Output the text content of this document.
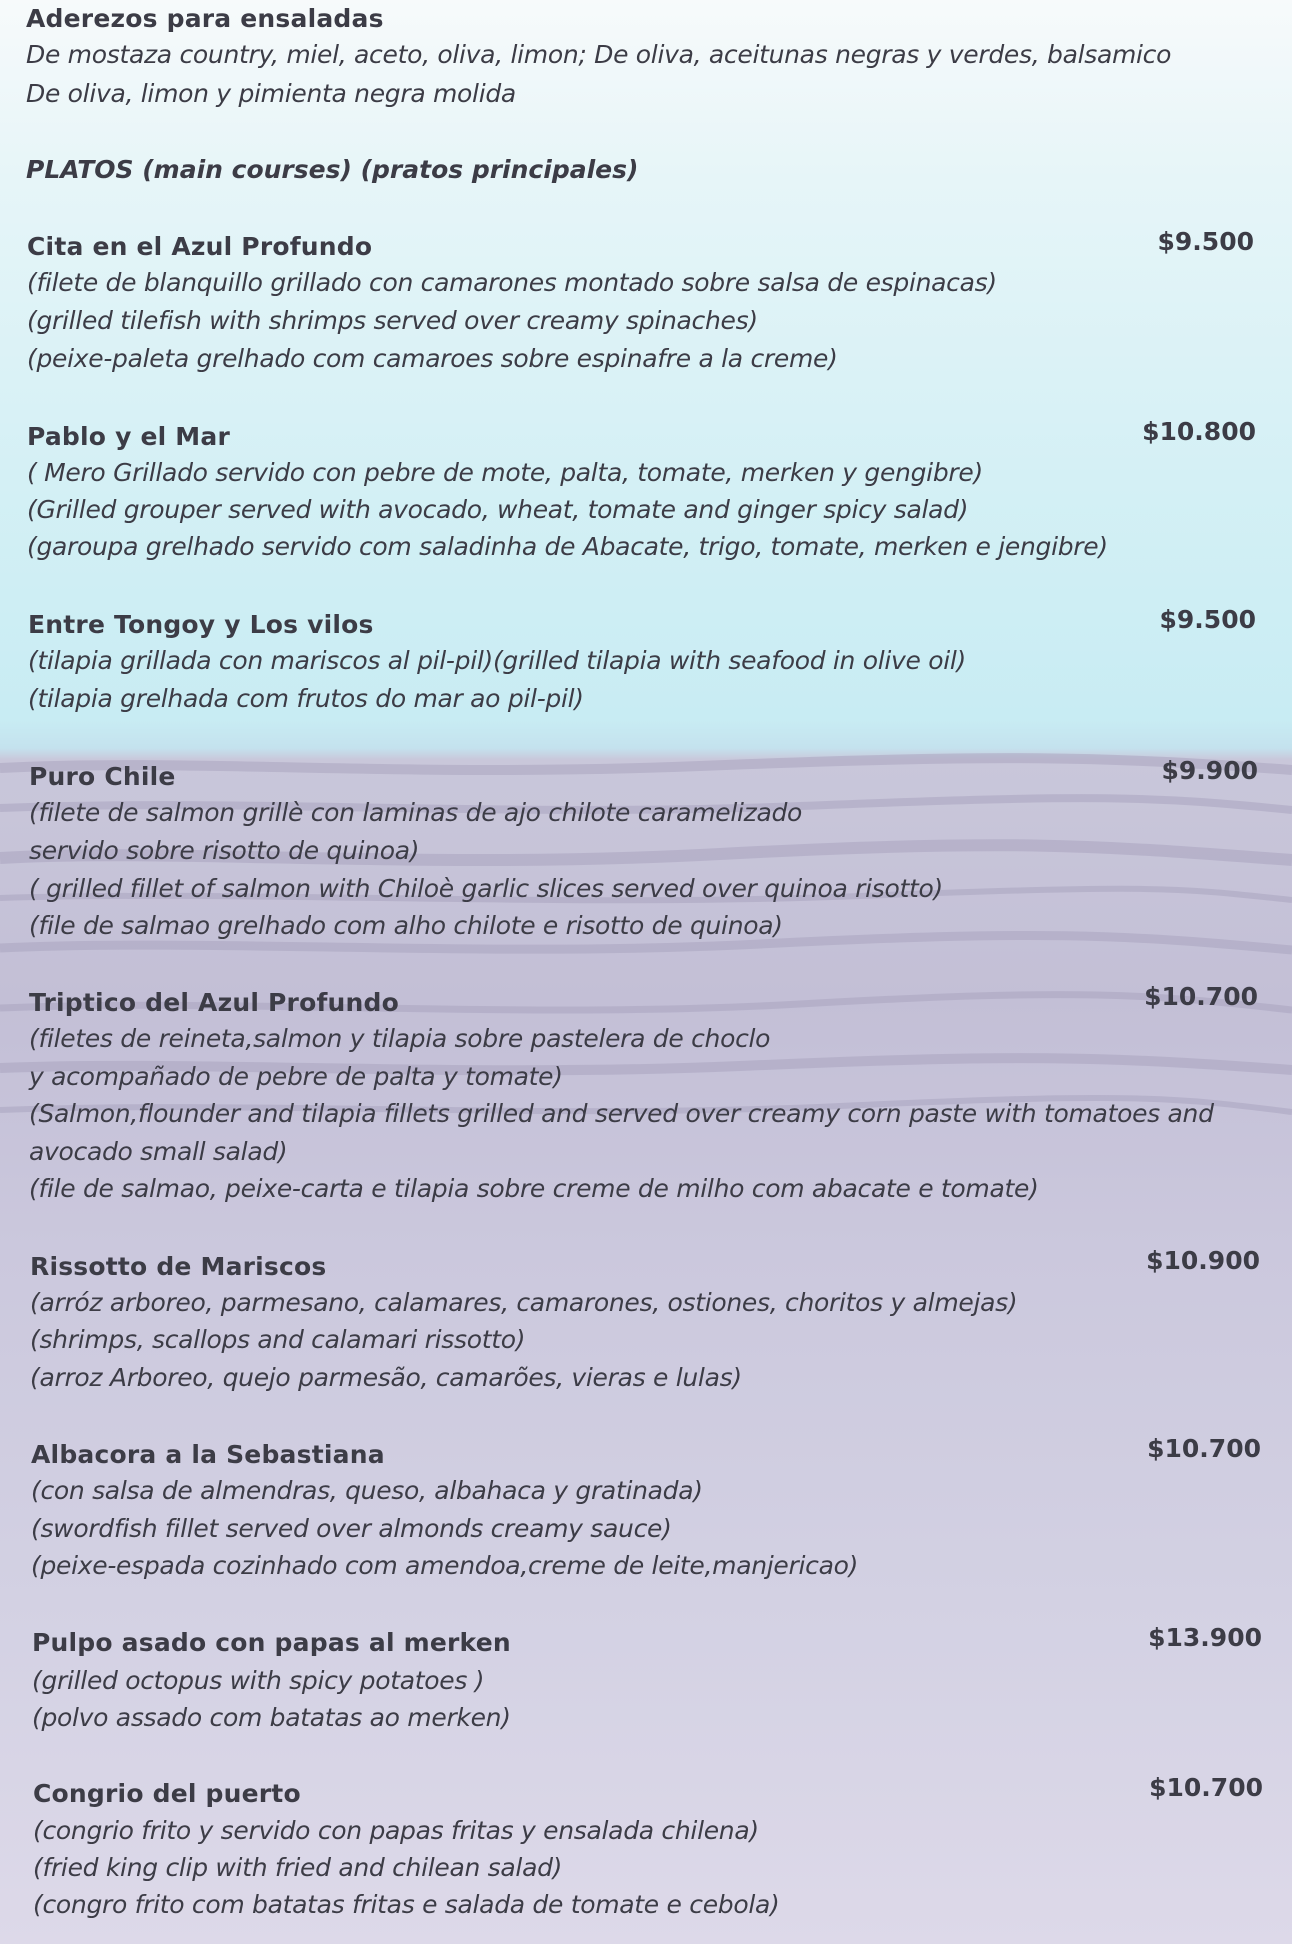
Aderezos para ensaladas
De mostaza country, miel, aceto, oliva, limon; De oliva, aceitunas negras y verdes, balsamico
De oliva, limon y pimienta negra molida
PLATOS (main courses) (pratos principales)
Cita en el Azul Profundo	$9.500
(filete de blanquillo grillado con camarones montado sobre salsa de espinacas)
(grilled tilefish with shrimps served over creamy spinaches)
(peixe-paleta grelhado com camaroes sobre espinafre a la creme)
Pablo y el Mar	$10.800
( Mero Grillado servido con pebre de mote, palta, tomate, merken y gengibre)
(Grilled grouper served with avocado, wheat, tomate and ginger spicy salad)
(garoupa grelhado servido com saladinha de Abacate, trigo, tomate, merken e jengibre)
Entre Tongoy y Los vilos	$9.500
(tilapia grillada con mariscos al pil-pil)(grilled tilapia with seafood in olive oil)
(tilapia grelhada com frutos do mar ao pil-pil)
Puro Chile	$9.900
(filete de salmon grillè con laminas de ajo chilote caramelizado
servido sobre risotto de quinoa)
( grilled fillet of salmon with Chiloè garlic slices served over quinoa risotto)
(file de salmao grelhado com alho chilote e risotto de quinoa)
Triptico del Azul Profundo	$10.700
(filetes de reineta,salmon y tilapia sobre pastelera de choclo
y acompañado de pebre de palta y tomate)
(Salmon,flounder and tilapia fillets grilled and served over creamy corn paste with tomatoes and
avocado small salad)
(file de salmao, peixe-carta e tilapia sobre creme de milho com abacate e tomate)
Rissotto de Mariscos	$10.900
(arróz arboreo, parmesano, calamares, camarones, ostiones, choritos y almejas)
(shrimps, scallops and calamari rissotto)
(arroz Arboreo, quejo parmesão, camarões, vieras e lulas)
Albacora a la Sebastiana	$10.700
(con salsa de almendras, queso, albahaca y gratinada)
(swordfish fillet served over almonds creamy sauce)
(peixe-espada cozinhado com amendoa,creme de leite,manjericao)
Pulpo asado con papas al merken	$13.900
(grilled octopus with spicy potatoes )
(polvo assado com batatas ao merken)
Congrio del puerto	$10.700
(congrio frito y servido con papas fritas y ensalada chilena)
(fried king clip with fried and chilean salad)
(congro frito com batatas fritas e salada de tomate e cebola)
